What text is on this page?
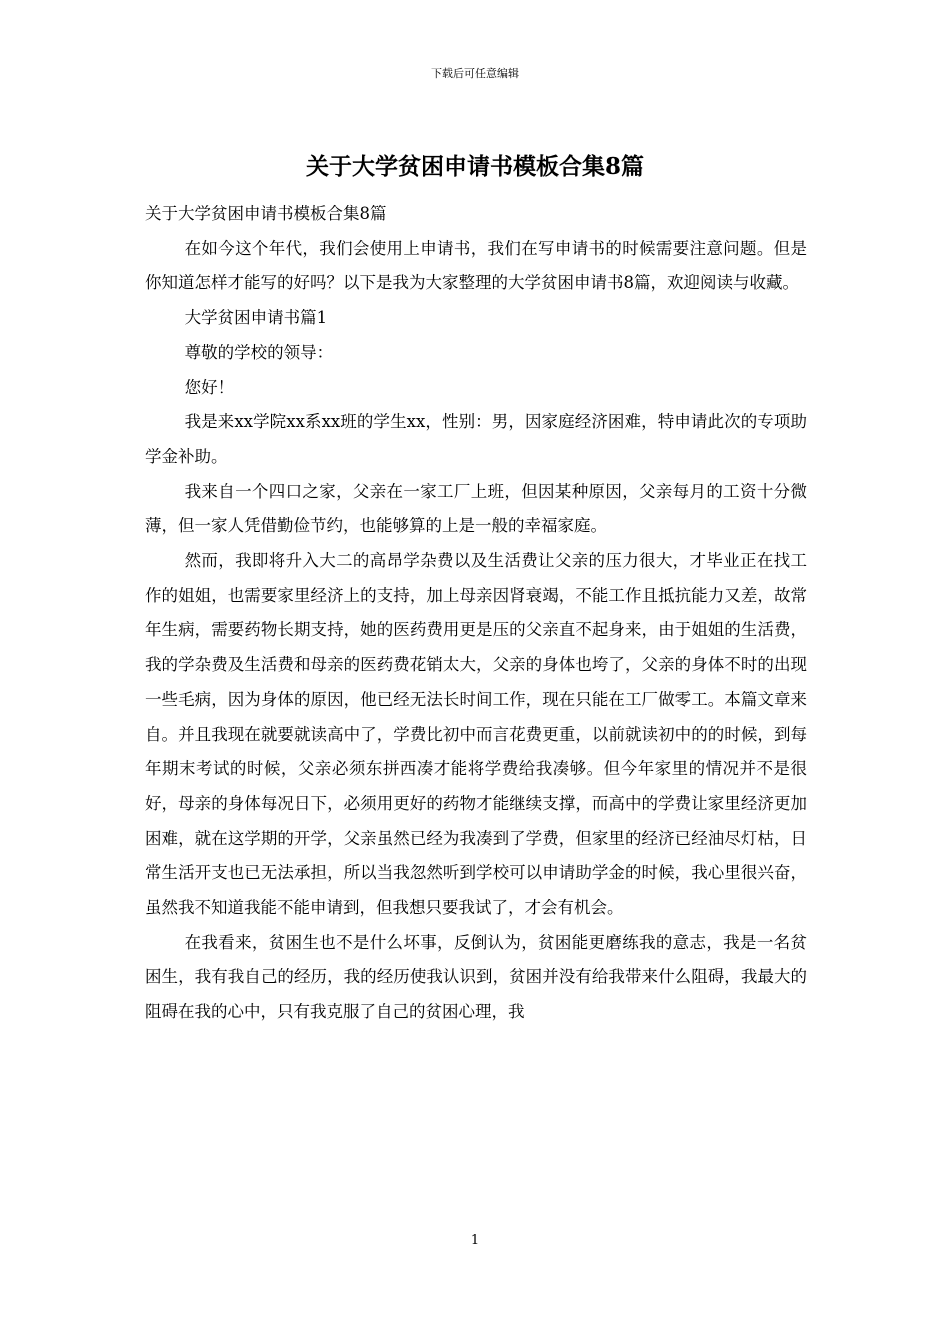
下载后可任意编辑
关于大学贫困申请书模板合集8篇

关于大学贫困申请书模板合集8篇

在如今这个年代，我们会使用上申请书，我们在写申请书的时候需要注意问题。但是你知道怎样才能写的好吗？以下是我为大家整理的大学贫困申请书8篇，欢迎阅读与收藏。

大学贫困申请书篇1

尊敬的学校的领导：

您好！

我是来xx学院xx系xx班的学生xx，性别：男，因家庭经济困难，特申请此次的专项助学金补助。

我来自一个四口之家，父亲在一家工厂上班，但因某种原因，父亲每月的工资十分微薄，但一家人凭借勤俭节约，也能够算的上是一般的幸福家庭。

然而，我即将升入大二的高昂学杂费以及生活费让父亲的压力很大，才毕业正在找工作的姐姐，也需要家里经济上的支持，加上母亲因肾衰竭，不能工作且抵抗能力又差，故常年生病，需要药物长期支持，她的医药费用更是压的父亲直不起身来，由于姐姐的生活费，我的学杂费及生活费和母亲的医药费花销太大，父亲的身体也垮了，父亲的身体不时的出现一些毛病，因为身体的原因，他已经无法长时间工作，现在只能在工厂做零工。本篇文章来自。并且我现在就要就读高中了，学费比初中而言花费更重，以前就读初中的的时候，到每年期末考试的时候，父亲必须东拼西凑才能将学费给我凑够。但今年家里的情况并不是很好，母亲的身体每况日下，必须用更好的药物才能继续支撑，而高中的学费让家里经济更加困难，就在这学期的开学，父亲虽然已经为我凑到了学费，但家里的经济已经油尽灯枯，日常生活开支也已无法承担，所以当我忽然听到学校可以申请助学金的时候，我心里很兴奋，虽然我不知道我能不能申请到，但我想只要我试了，才会有机会。

在我看来，贫困生也不是什么坏事，反倒认为，贫困能更磨练我的意志，我是一名贫困生，我有我自己的经历，我的经历使我认识到，贫困并没有给我带来什么阻碍，我最大的阻碍在我的心中，只有我克服了自己的贫困心理，我

1
